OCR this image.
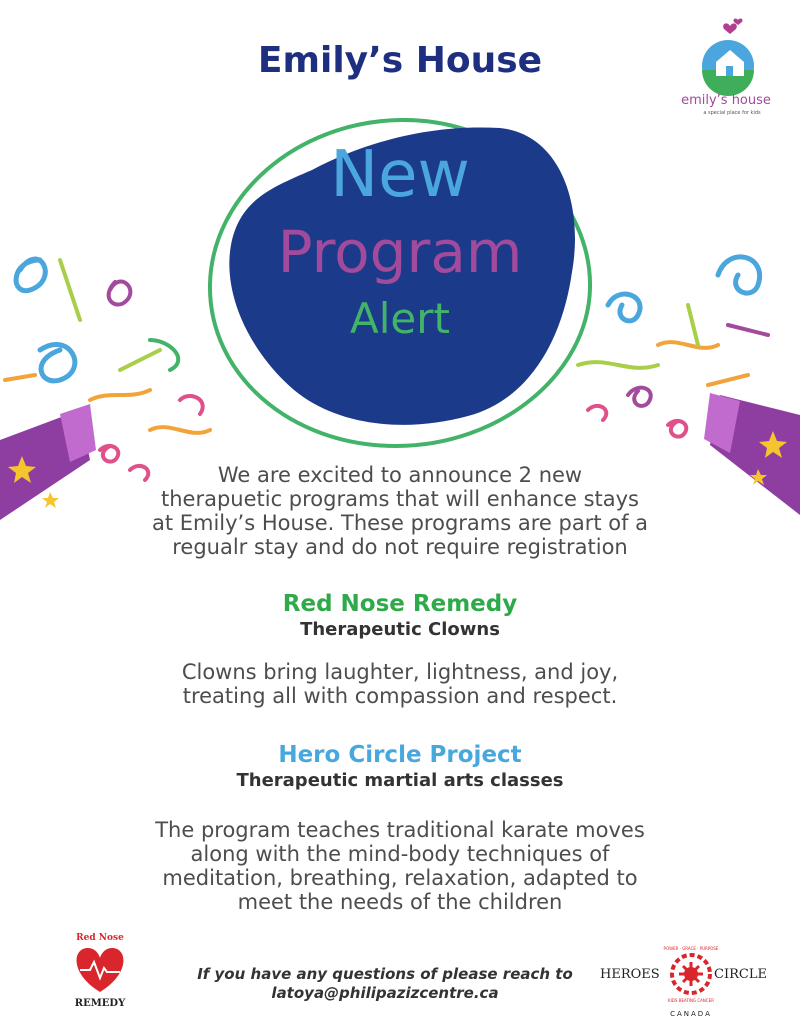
Emily’s House
emily’s house
a special place for kids
New
Program
Alert
We are excited to announce 2 new
therapuetic programs that will enhance stays
at Emily’s House. These programs are part of a
regualr stay and do not require registration
Red Nose Remedy
Therapeutic Clowns
Clowns bring laughter, lightness, and joy,
treating all with compassion and respect.
Hero Circle Project
Therapeutic martial arts classes
The program teaches traditional karate moves
along with the mind-body techniques of
meditation, breathing, relaxation, adapted to
meet the needs of the children
Red Nose
REMEDY
If you have any questions of please reach to
latoya@philipazizcentre.ca
HEROES
POWER · GRACE · PURPOSE
KIDS BEATING CANCER
CIRCLE
CANADA
